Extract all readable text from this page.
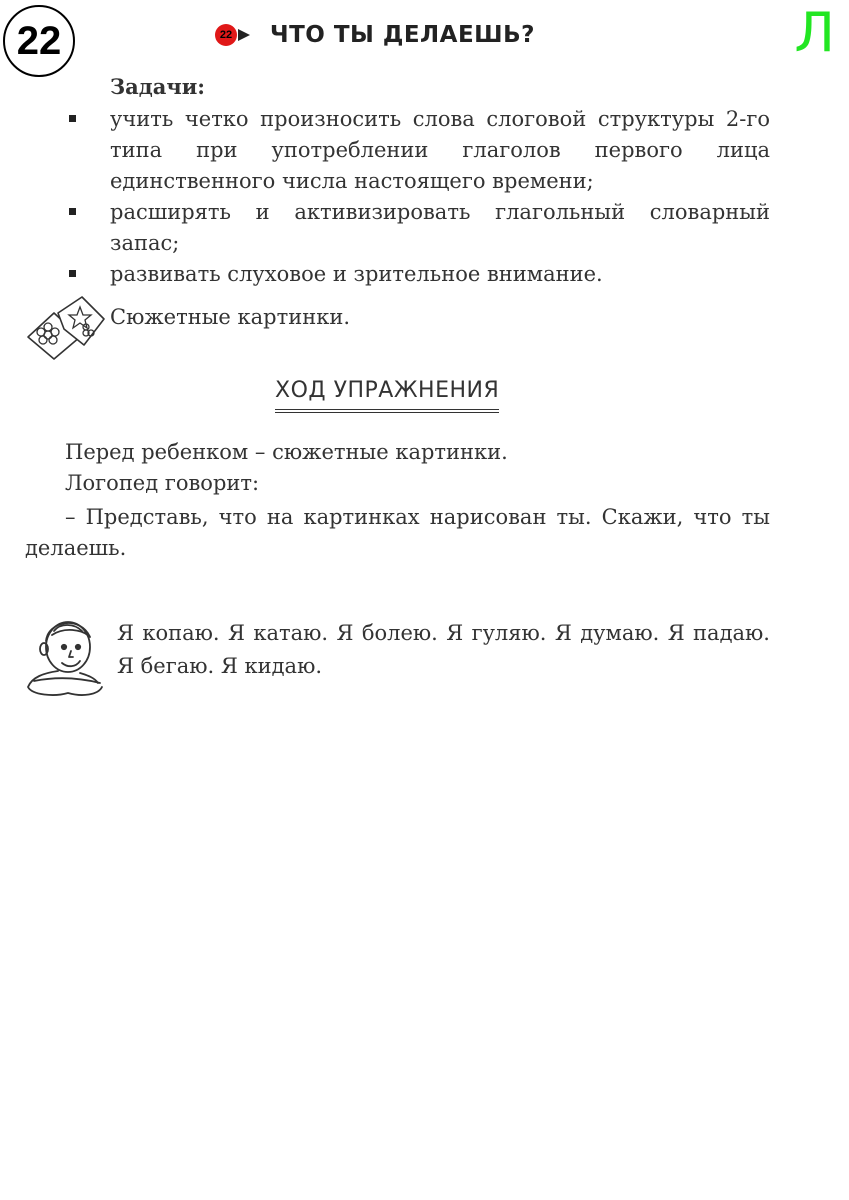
22	Л
22 ЧТО ТЫ ДЕЛАЕШЬ?
Задачи:
учить четко произносить слова слоговой структуры 2-го типа при употреблении глаголов первого лица единственного числа настоящего времени;
расширять и активизировать глагольный словарный запас;
развивать слуховое и зрительное внимание.
Сюжетные картинки.
ХОД УПРАЖНЕНИЯ
Перед ребенком – сюжетные картинки.
Логопед говорит:
– Представь, что на картинках нарисован ты. Скажи, что ты делаешь.
Я копаю. Я катаю. Я болею. Я гуляю. Я думаю. Я падаю. Я бегаю. Я кидаю.
